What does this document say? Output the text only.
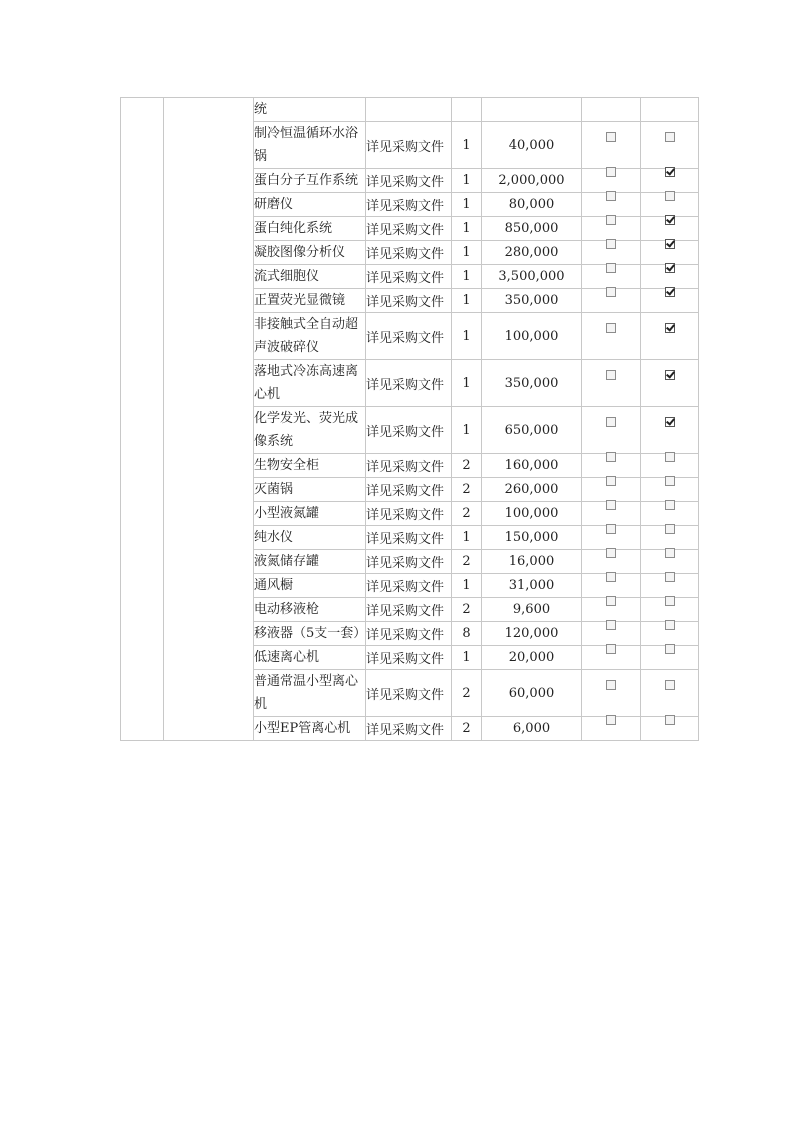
		统					
		制冷恒温循环水浴锅	详见采购文件	1	40,000		
		蛋白分子互作系统	详见采购文件	1	2,000,000		
		研磨仪	详见采购文件	1	80,000		
		蛋白纯化系统	详见采购文件	1	850,000		
		凝胶图像分析仪	详见采购文件	1	280,000		
		流式细胞仪	详见采购文件	1	3,500,000		
		正置荧光显微镜	详见采购文件	1	350,000		
		非接触式全自动超声波破碎仪	详见采购文件	1	100,000		
		落地式冷冻高速离心机	详见采购文件	1	350,000		
		化学发光、荧光成像系统	详见采购文件	1	650,000		
		生物安全柜	详见采购文件	2	160,000		
		灭菌锅	详见采购文件	2	260,000		
		小型液氮罐	详见采购文件	2	100,000		
		纯水仪	详见采购文件	1	150,000		
		液氮储存罐	详见采购文件	2	16,000		
		通风橱	详见采购文件	1	31,000		
		电动移液枪	详见采购文件	2	9,600		
		移液器（5支一套）	详见采购文件	8	120,000		
		低速离心机	详见采购文件	1	20,000		
		普通常温小型离心机	详见采购文件	2	60,000		
		小型EP管离心机	详见采购文件	2	6,000		
